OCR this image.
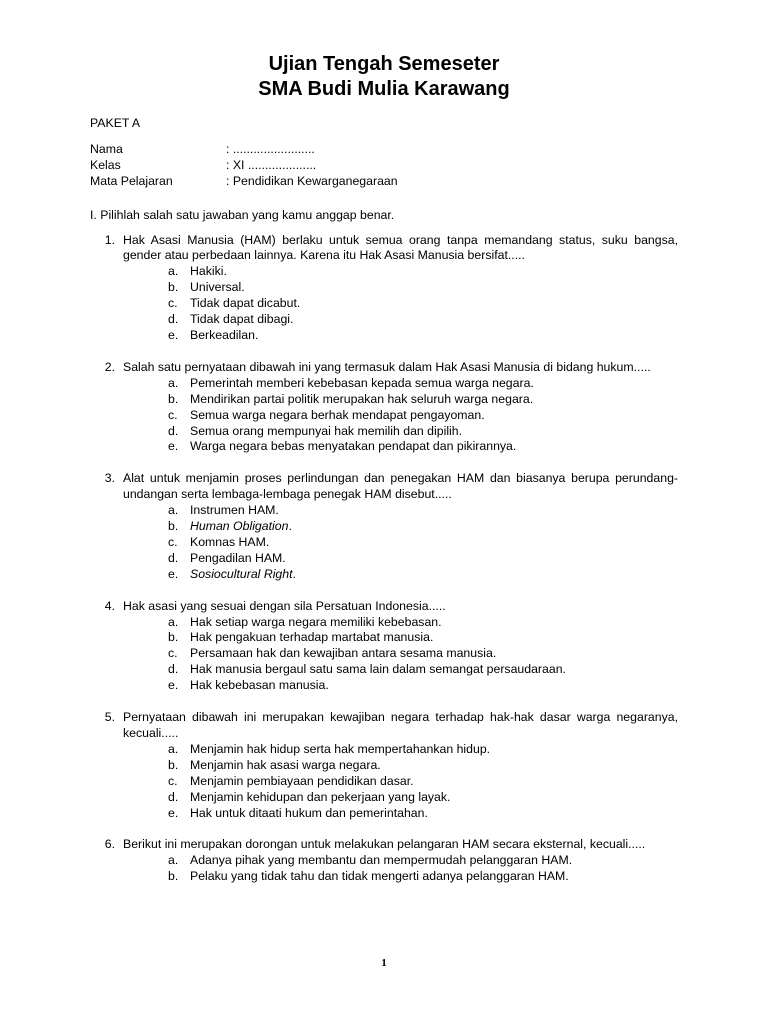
Ujian Tengah Semeseter
SMA Budi Mulia Karawang
PAKET A
Nama	: ........................
Kelas	: XI ....................
Mata Pelajaran	: Pendidikan Kewarganegaraan
I. Pilihlah salah satu jawaban yang kamu anggap benar.
1. Hak Asasi Manusia (HAM) berlaku untuk semua orang tanpa memandang status, suku bangsa, gender atau perbedaan lainnya. Karena itu Hak Asasi Manusia bersifat.....
a. Hakiki.
b. Universal.
c.	Tidak dapat dicabut.
d. Tidak dapat dibagi.
e. Berkeadilan.
2. Salah satu pernyataan dibawah ini yang termasuk dalam Hak Asasi Manusia di bidang hukum.....
a. Pemerintah memberi kebebasan kepada semua warga negara.
b. Mendirikan partai politik merupakan hak seluruh warga negara.
c.	Semua warga negara berhak mendapat pengayoman.
d. Semua orang mempunyai hak memilih dan dipilih.
e. Warga negara bebas menyatakan pendapat dan pikirannya.
3. Alat untuk menjamin proses perlindungan dan penegakan HAM dan biasanya berupa perundang-undangan serta lembaga-lembaga penegak HAM disebut.....
a. Instrumen HAM.
b. Human Obligation.
c.	Komnas HAM.
d. Pengadilan HAM.
e. Sosiocultural Right.
4. Hak asasi yang sesuai dengan sila Persatuan Indonesia.....
a. Hak setiap warga negara memiliki kebebasan.
b. Hak pengakuan terhadap martabat manusia.
c.	Persamaan hak dan kewajiban antara sesama manusia.
d. Hak manusia bergaul satu sama lain dalam semangat persaudaraan.
e. Hak kebebasan manusia.
5. Pernyataan dibawah ini merupakan kewajiban negara terhadap hak-hak dasar warga negaranya, kecuali.....
a. Menjamin hak hidup serta hak mempertahankan hidup.
b. Menjamin hak asasi warga negara.
c.	Menjamin pembiayaan pendidikan dasar.
d. Menjamin kehidupan dan pekerjaan yang layak.
e. Hak untuk ditaati hukum dan pemerintahan.
6. Berikut ini merupakan dorongan untuk melakukan pelangaran HAM secara eksternal, kecuali.....
a. Adanya pihak yang membantu dan mempermudah pelanggaran HAM.
b. Pelaku yang tidak tahu dan tidak mengerti adanya pelanggaran HAM.
1
